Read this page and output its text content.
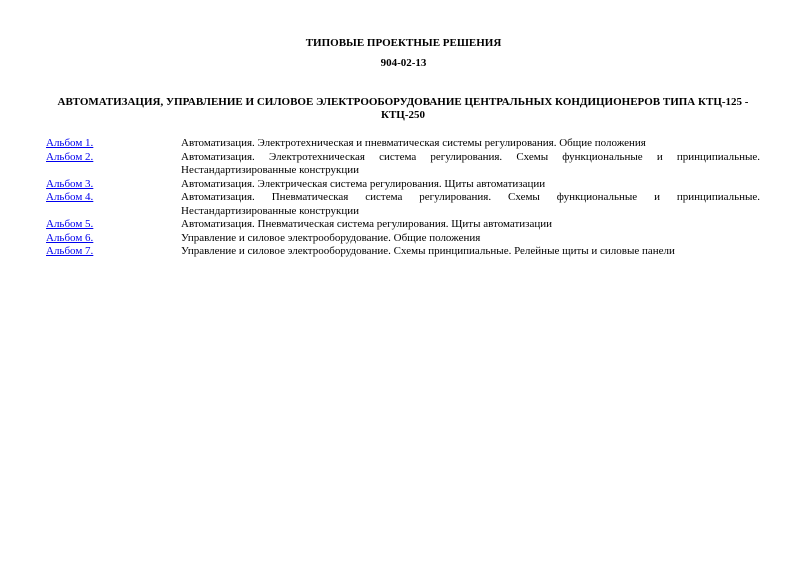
ТИПОВЫЕ ПРОЕКТНЫЕ РЕШЕНИЯ
904-02-13
АВТОМАТИЗАЦИЯ, УПРАВЛЕНИЕ И СИЛОВОЕ ЭЛЕКТРООБОРУДОВАНИЕ ЦЕНТРАЛЬНЫХ КОНДИЦИОНЕРОВ ТИПА КТЦ-125 - КТЦ-250
Альбом 1.	Автоматизация. Электротехническая и пневматическая системы регулирования. Общие положения
Альбом 2.	Автоматизация. Электротехническая система регулирования. Схемы функциональные и принципиальные. Нестандартизированные конструкции
Альбом 3.	Автоматизация. Электрическая система регулирования. Щиты автоматизации
Альбом 4.	Автоматизация. Пневматическая система регулирования. Схемы функциональные и принципиальные. Нестандартизированные конструкции
Альбом 5.	Автоматизация. Пневматическая система регулирования. Щиты автоматизации
Альбом 6.	Управление и силовое электрооборудование. Общие положения
Альбом 7.	Управление и силовое электрооборудование. Схемы принципиальные. Релейные щиты и силовые панели
